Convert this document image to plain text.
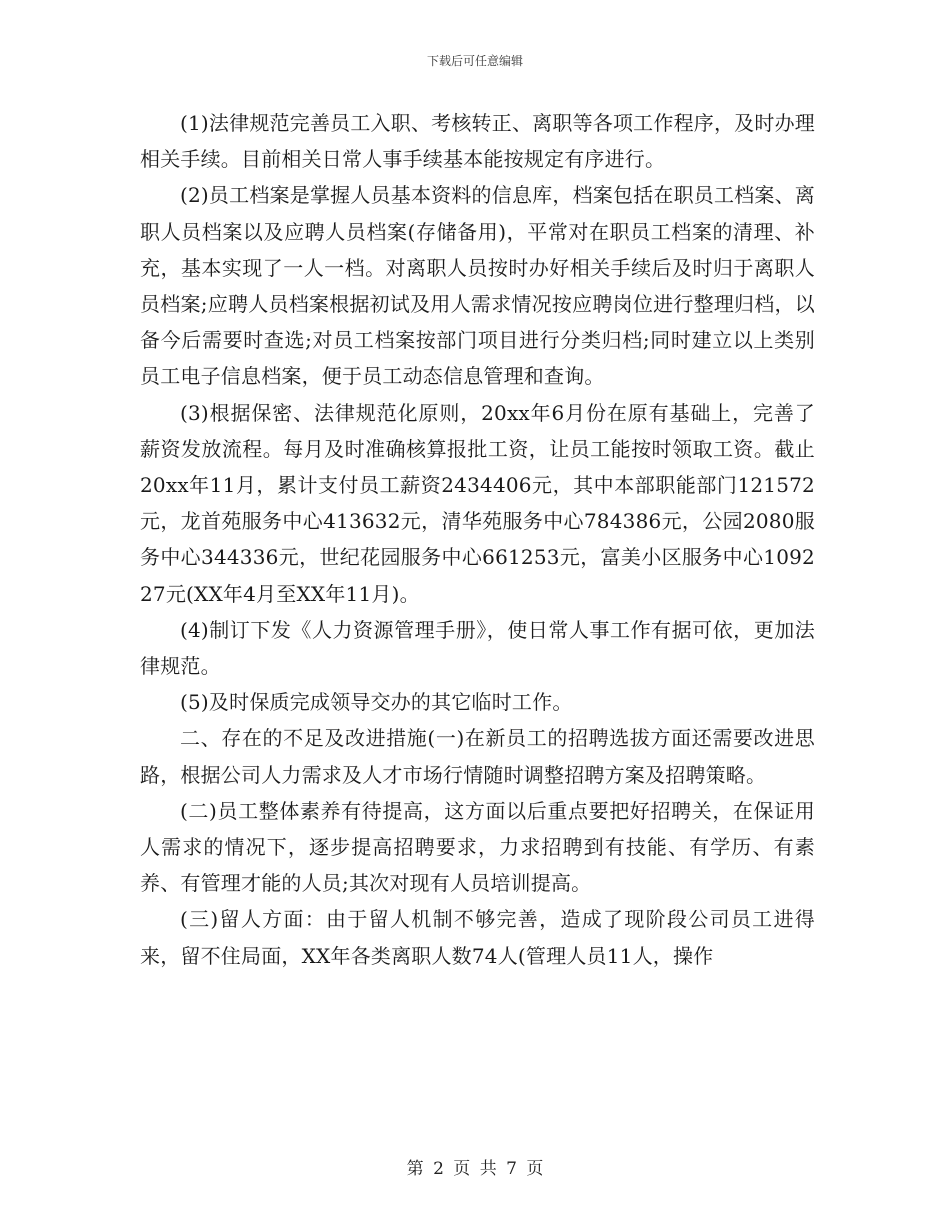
下载后可任意编辑

(1)法律规范完善员工入职、考核转正、离职等各项工作程序，及时办理相关手续。目前相关日常人事手续基本能按规定有序进行。

(2)员工档案是掌握人员基本资料的信息库，档案包括在职员工档案、离职人员档案以及应聘人员档案(存储备用)，平常对在职员工档案的清理、补充，基本实现了一人一档。对离职人员按时办好相关手续后及时归于离职人员档案;应聘人员档案根据初试及用人需求情况按应聘岗位进行整理归档，以备今后需要时查选;对员工档案按部门项目进行分类归档;同时建立以上类别员工电子信息档案，便于员工动态信息管理和查询。

(3)根据保密、法律规范化原则，20xx年6月份在原有基础上，完善了薪资发放流程。每月及时准确核算报批工资，让员工能按时领取工资。截止20xx年11月，累计支付员工薪资2434406元，其中本部职能部门121572元，龙首苑服务中心413632元，清华苑服务中心784386元，公园2080服务中心344336元，世纪花园服务中心661253元，富美小区服务中心109227元(XX年4月至XX年11月)。

(4)制订下发《人力资源管理手册》，使日常人事工作有据可依，更加法律规范。

(5)及时保质完成领导交办的其它临时工作。

二、存在的不足及改进措施(一)在新员工的招聘选拔方面还需要改进思路，根据公司人力需求及人才市场行情随时调整招聘方案及招聘策略。

(二)员工整体素养有待提高，这方面以后重点要把好招聘关，在保证用人需求的情况下，逐步提高招聘要求，力求招聘到有技能、有学历、有素养、有管理才能的人员;其次对现有人员培训提高。

(三)留人方面：由于留人机制不够完善，造成了现阶段公司员工进得来，留不住局面，XX年各类离职人数74人(管理人员11人，操作

第 2 页 共 7 页
